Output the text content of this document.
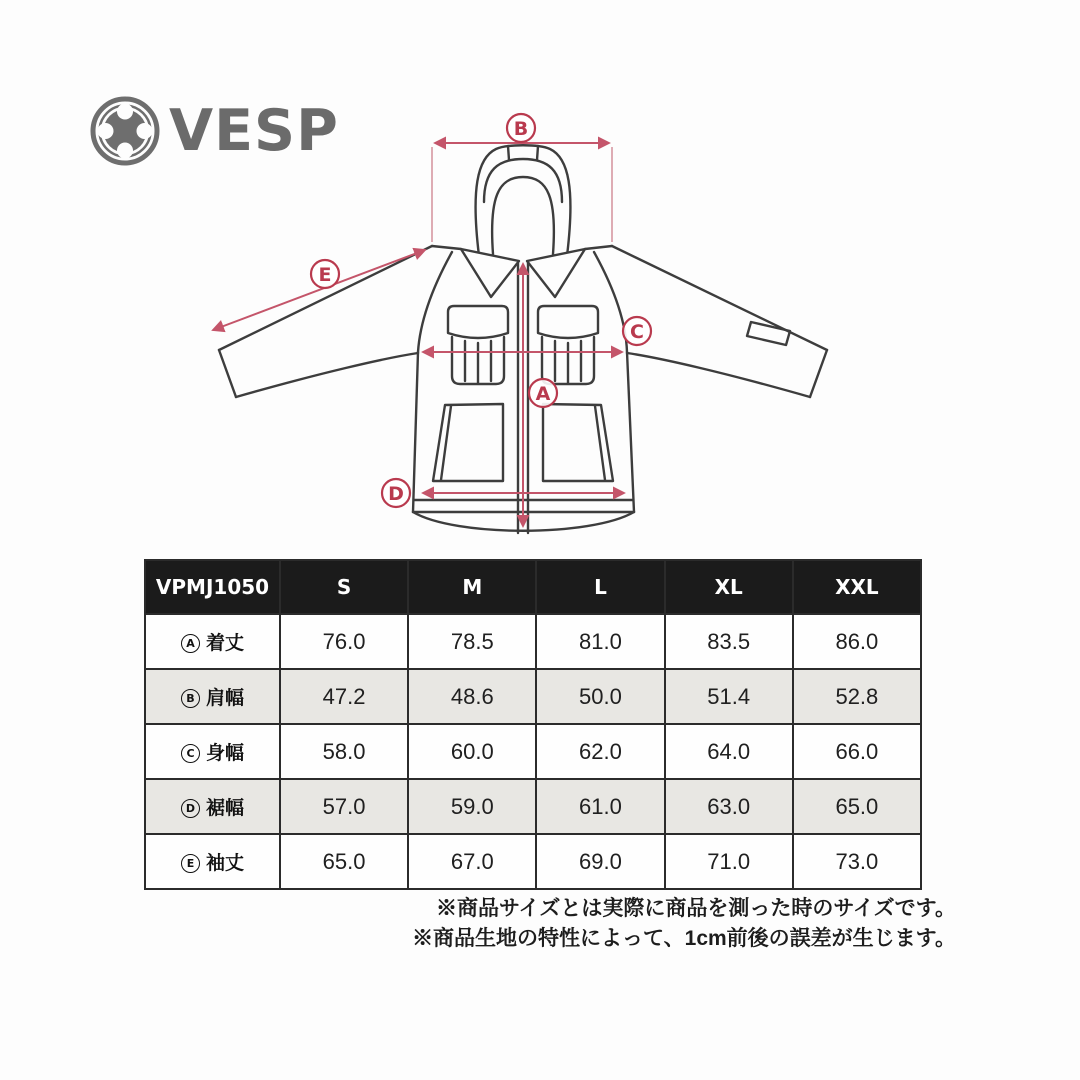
VESP	B
E
C
A
D
VPMJ1050	S	M	L	XL	XXL
A 着丈	76.0	78.5	81.0	83.5	86.0
B 肩幅	47.2	48.6	50.0	51.4	52.8
C 身幅	58.0	60.0	62.0	64.0	66.0
D 裾幅	57.0	59.0	61.0	63.0	65.0
E 袖丈	65.0	67.0	69.0	71.0	73.0
※商品サイズとは実際に商品を測った時のサイズです。
※商品生地の特性によって、1cm前後の誤差が生じます。
